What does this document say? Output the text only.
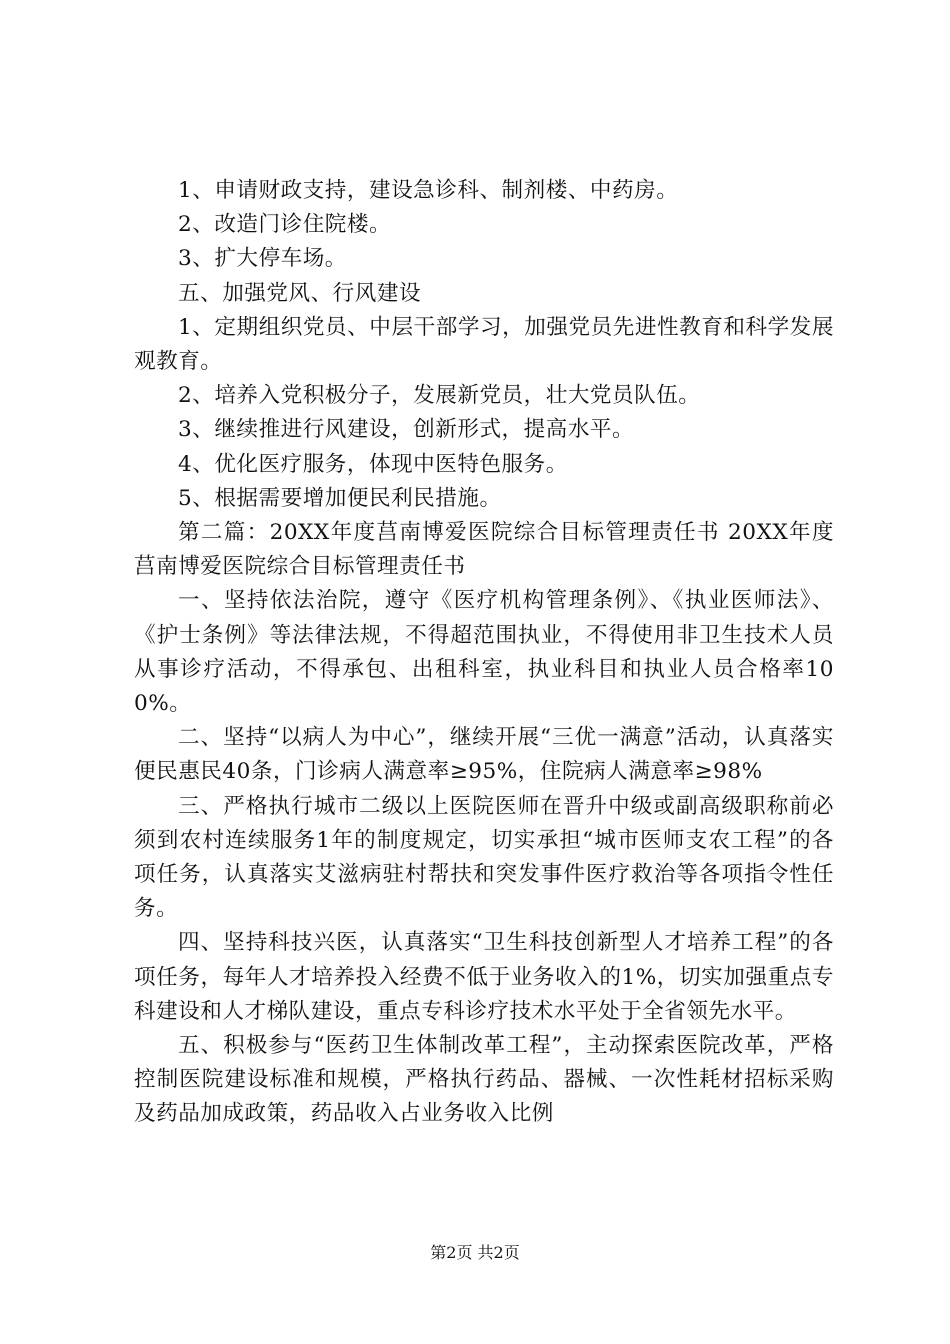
1、申请财政支持，建设急诊科、制剂楼、中药房。

2、改造门诊住院楼。

3、扩大停车场。

五、加强党风、行风建设

1、定期组织党员、中层干部学习，加强党员先进性教育和科学发展观教育。

2、培养入党积极分子，发展新党员，壮大党员队伍。

3、继续推进行风建设，创新形式，提高水平。

4、优化医疗服务，体现中医特色服务。

5、根据需要增加便民利民措施。

第二篇：20XX年度莒南博爱医院综合目标管理责任书 20XX年度莒南博爱医院综合目标管理责任书

一、坚持依法治院，遵守《医疗机构管理条例》、《执业医师法》、《护士条例》等法律法规，不得超范围执业，不得使用非卫生技术人员从事诊疗活动，不得承包、出租科室，执业科目和执业人员合格率100%。

二、坚持“以病人为中心”，继续开展“三优一满意”活动，认真落实便民惠民40条，门诊病人满意率≥95%，住院病人满意率≥98%

三、严格执行城市二级以上医院医师在晋升中级或副高级职称前必须到农村连续服务1年的制度规定，切实承担“城市医师支农工程”的各项任务，认真落实艾滋病驻村帮扶和突发事件医疗救治等各项指令性任务。

四、坚持科技兴医，认真落实“卫生科技创新型人才培养工程”的各项任务，每年人才培养投入经费不低于业务收入的1%，切实加强重点专科建设和人才梯队建设，重点专科诊疗技术水平处于全省领先水平。

五、积极参与“医药卫生体制改革工程”，主动探索医院改革，严格控制医院建设标准和规模，严格执行药品、器械、一次性耗材招标采购及药品加成政策，药品收入占业务收入比例

第2页 共2页
